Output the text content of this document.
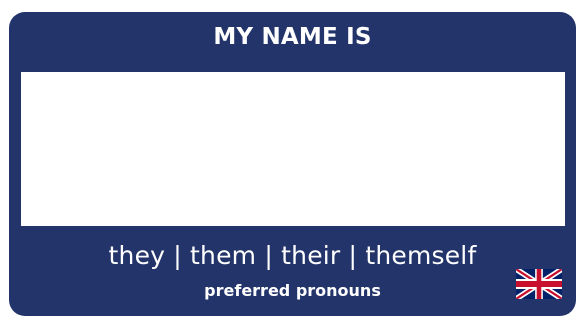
MY NAME IS
they | them | their | themself
preferred pronouns
